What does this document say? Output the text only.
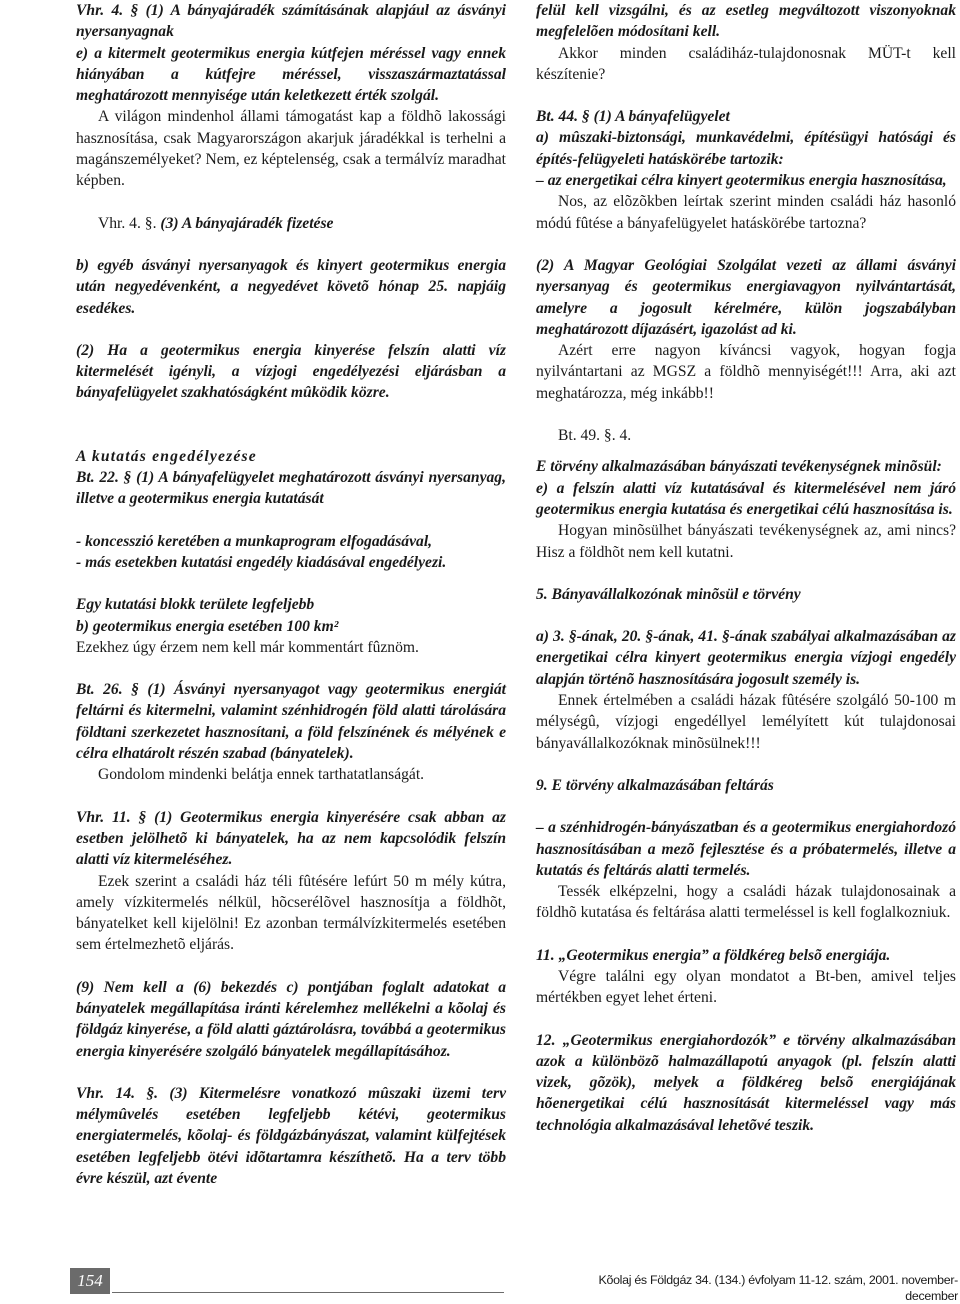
Vhr. 4. § (1) A bányajáradék számításának alapjául az ásványi nyersanyagnak

e) a kitermelt geotermikus energia kútfejen méréssel vagy ennek hiányában a kútfejre méréssel, visszaszármaztatással meghatározott mennyisége után keletkezett érték szolgál.

A világon mindenhol állami támogatást kap a földhõ lakossági hasznosítása, csak Magyarországon akarjuk járadékkal is terhelni a magánszemélyeket? Nem, ez képtelenség, csak a termálvíz maradhat képben.

Vhr. 4. §. (3) A bányajáradék fizetése

b) egyéb ásványi nyersanyagok és kinyert geotermikus energia után negyedévenként, a negyedévet követõ hónap 25. napjáig esedékes.

(2) Ha a geotermikus energia kinyerése felszín alatti víz kitermelését igényli, a vízjogi engedélyezési eljárásban a bányafelügyelet szakhatóságként mûködik közre.

A kutatás engedélyezése

Bt. 22. § (1) A bányafelügyelet meghatározott ásványi nyersanyag, illetve a geotermikus energia kutatását

- koncesszió keretében a munkaprogram elfogadásával,

- más esetekben kutatási engedély kiadásával engedélyezi.

Egy kutatási blokk területe legfeljebb

b) geotermikus energia esetében 100 km²

Ezekhez úgy érzem nem kell már kommentárt fûznöm.

Bt. 26. § (1) Ásványi nyersanyagot vagy geotermikus energiát feltárni és kitermelni, valamint szénhidrogén föld alatti tárolására földtani szerkezetet hasznosítani, a föld felszínének és mélyének e célra elhatárolt részén szabad (bányatelek).

Gondolom mindenki belátja ennek tarthatatlanságát.

Vhr. 11. § (1) Geotermikus energia kinyerésére csak abban az esetben jelölhetõ ki bányatelek, ha az nem kapcsolódik felszín alatti víz kitermeléséhez.

Ezek szerint a családi ház téli fûtésére lefúrt 50 m mély kútra, amely vízkitermelés nélkül, hõcserélõvel hasznosítja a földhõt, bányatelket kell kijelölni! Ez azonban termálvízkitermelés esetében sem értelmezhetõ eljárás.

(9) Nem kell a (6) bekezdés c) pontjában foglalt adatokat a bányatelek megállapítása iránti kérelemhez mellékelni a kõolaj és földgáz kinyerése, a föld alatti gáztárolásra, továbbá a geotermikus energia kinyerésére szolgáló bányatelek megállapításához.

Vhr. 14. §. (3) Kitermelésre vonatkozó mûszaki üzemi terv mélymûvelés esetében legfeljebb kétévi, geotermikus energiatermelés, kõolaj- és földgázbányászat, valamint külfejtések esetében legfeljebb ötévi idõtartamra készíthetõ. Ha a terv több évre készül, azt évente

felül kell vizsgálni, és az esetleg megváltozott viszonyoknak megfelelõen módosítani kell.

Akkor minden családiház-tulajdonosnak MÜT-t kell készítenie?

Bt. 44. § (1) A bányafelügyelet

a) mûszaki-biztonsági, munkavédelmi, építésügyi hatósági és építés-felügyeleti hatáskörébe tartozik:

– az energetikai célra kinyert geotermikus energia hasznosítása,

Nos, az elõzõkben leírtak szerint minden családi ház hasonló módú fûtése a bányafelügyelet hatáskörébe tartozna?

(2) A Magyar Geológiai Szolgálat vezeti az állami ásványi nyersanyag és geotermikus energiavagyon nyilvántartását, amelyre a jogosult kérelmére, külön jogszabályban meghatározott díjazásért, igazolást ad ki.

Azért erre nagyon kíváncsi vagyok, hogyan fogja nyilvántartani az MGSZ a földhõ mennyiségét!!! Arra, aki azt meghatározza, még inkább!!

Bt. 49. §. 4.

E törvény alkalmazásában bányászati tevékenységnek minõsül:

e) a felszín alatti víz kutatásával és kitermelésével nem járó geotermikus energia kutatása és energetikai célú hasznosítása is.

Hogyan minõsülhet bányászati tevékenységnek az, ami nincs? Hisz a földhõt nem kell kutatni.

5. Bányavállalkozónak minõsül e törvény

a) 3. §-ának, 20. §-ának, 41. §-ának szabályai alkalmazásában az energetikai célra kinyert geotermikus energia vízjogi engedély alapján történõ hasznosítására jogosult személy is.

Ennek értelmében a családi házak fûtésére szolgáló 50-100 m mélységû, vízjogi engedéllyel lemélyített kút tulajdonosai bányavállalkozóknak minõsülnek!!!

9. E törvény alkalmazásában feltárás

– a szénhidrogén-bányászatban és a geotermikus energiahordozó hasznosításában a mezõ fejlesztése és a próbatermelés, illetve a kutatás és feltárás alatti termelés.

Tessék elképzelni, hogy a családi házak tulajdonosainak a földhõ kutatása és feltárása alatti termeléssel is kell foglalkozniuk.

11. „Geotermikus energia” a földkéreg belsõ energiája.

Végre találni egy olyan mondatot a Bt-ben, amivel teljes mértékben egyet lehet érteni.

12. „Geotermikus energiahordozók” e törvény alkalmazásában azok a különbözõ halmazállapotú anyagok (pl. felszín alatti vizek, gõzök), melyek a földkéreg belsõ energiájának hõenergetikai célú hasznosítását kitermeléssel vagy más technológia alkalmazásával lehetõvé teszik.

154	Kõolaj és Földgáz 34. (134.) évfolyam 11-12. szám, 2001. november-december
